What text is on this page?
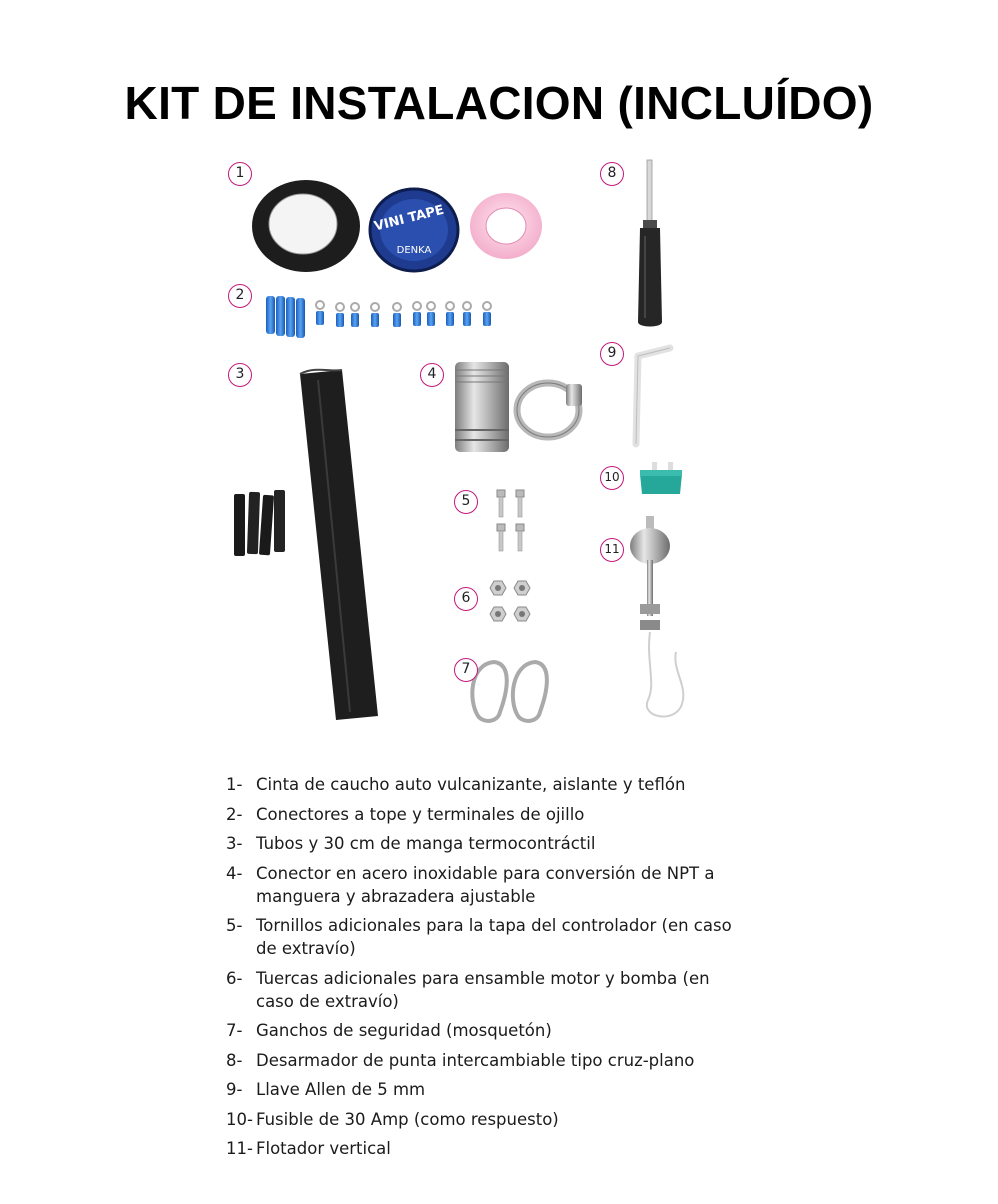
KIT DE INSTALACION (INCLUÍDO)
VINI TAPE
DENKA
1
2
3	4
5
6
7
8
9
10
11
1- Cinta de caucho auto vulcanizante, aislante y teflón
2- Conectores a tope y terminales de ojillo
3- Tubos y 30 cm de manga termocontráctil
4- Conector en acero inoxidable para conversión de NPT a manguera y abrazadera ajustable
5- Tornillos adicionales para la tapa del controlador (en caso de extravío)
6- Tuercas adicionales para ensamble motor y bomba (en caso de extravío)
7- Ganchos de seguridad (mosquetón)
8- Desarmador de punta intercambiable tipo cruz-plano
9- Llave Allen de 5 mm
10- Fusible de 30 Amp (como respuesto)
11- Flotador vertical
